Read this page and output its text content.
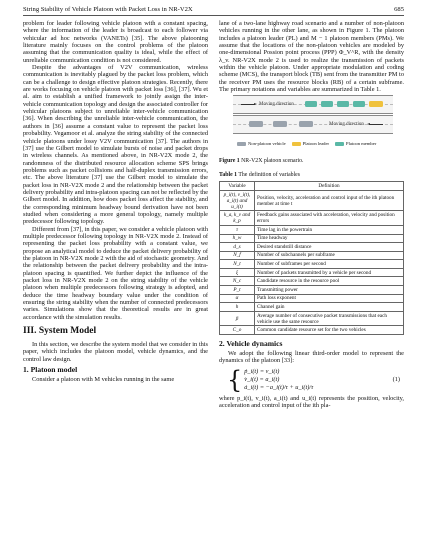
String Stability of Vehicle Platoon with Packet Loss in NR-V2X	685

problem for leader following vehicle platoon with a constant spacing, where the information of the leader is broadcast to each follower via vehicular ad hoc networks (VANETs) [35]. The above platooning literature mainly focuses on the control problems of the platoon assuming that the communication quality is ideal, while the effect of unreliable communication condition is not considered.

Despite the advantages of V2V communication, wireless communication is inevitably plagued by the packet loss problem, which can be a challenge to design effective platoon strategies. Recently, there are works focusing on vehicle platoon with packet loss [36], [37]. Wu et al. aim to establish a unified framework to jointly assign the inter-vehicle communication topology and design the associated controller for vehicular platoons subject to unreliable inter-vehicle communication [36]. When describing the unreliable inter-vehicle communication, the authors in [36] assume a constant value to represent the packet loss probability. Vegamoor et al. analyze the string stability of the connected vehicle platoons under lossy V2V communication [37]. The authors in [37] use the Gilbert model to simulate bursts of noise and packet drops in wireless channels. As mentioned above, in NR-V2X mode 2, the randomness of the distributed resource allocation scheme SPS brings problems such as packet collisions and half-duplex transmission errors, etc. The above literature [37] use the Gilbert model to simulate the packet loss in NR-V2X mode 2 and the relationship between the packet delivery probability and intra-platoon spacing can not be reflected by the Gilbert model. In addition, how does packet loss affect the stability, and the corresponding minimum headway bound derivation have not been studied when considering a more general topology, namely multiple predecessor following topology.

Different from [37], in this paper, we consider a vehicle platoon with multiple predecessor following topology in NR-V2X mode 2. Instead of representing the packet loss probability with a constant value, we propose an analytical model to deduce the packet delivery probability of the platoon in NR-V2X mode 2 with the aid of stochastic geometry. And the relationship between the packet delivery probability and the intra-platoon spacing is quantified. We further depict the influence of the packet loss in NR-V2X mode 2 on the string stability of the vehicle platoon when multiple predecessors following strategy is adopted, and deduce the time headway boundary value under the condition of ensuring the string stability when the number of connected predecessors varies. Simulations show that the theoretical results are in great accordance with the simulation results.

III. System Model

In this section, we describe the system model that we consider in this paper, which includes the platoon model, vehicle dynamics, and the control law design.

1. Platoon model

Consider a platoon with M vehicles running in the same

lane of a two-lane highway road scenario and a number of non-platoon vehicles running in the other lane, as shown in Figure 1. The platoon includes a platoon leader (PL) and M − 1 platoon members (PMs). We assume that the locations of the non-platoon vehicles are modeled by one-dimensional Possion point process (PPP) Φ_V^R, with the density λ_v. NR-V2X mode 2 is used to realize the transmission of packets within the vehicle platoon. Under appropriate modulation and coding scheme (MCS), the transport block (TB) sent from the transmitter PM to the receiver PM uses the resource blocks (RB) of a certain subframe. The primary notations and variables are summarized in Table 1.

Moving direction
Moving direction
Non-platoon vehicle	Platoon leader	Platoon member
Figure 1 NR-V2X platoon scenario.
Table 1 The definition of variables
Variable	Definition
p_i(t), v_i(t), a_i(t) and u_i(t)	Position, velocity, acceleration and control input of the ith platoon member at time t
k_a, k_v and k_p	Feedback gains associated with acceleration, velocity and position errors
τ	Time lag in the powertrain
h_w	Time headway
d_s	Desired standstill distance
N_f	Number of subchannels per subframe
N_t	Number of subframes per second
ξ	Number of packets transmitted by a vehicle per second
N_c	Candidate resource in the resource pool
P_t	Transmitting power
α	Path loss exponent
h	Channel gain
β	Average number of consecutive packet transmissions that each vehicle use the same resource
C_o	Common candidate resource set for the two vehicles
2. Vehicle dynamics

We adopt the following linear third-order model to represent the dynamics of the platoon [33]:

{ ṗ_i(t) = v_i(t)
v̇_i(t) = a_i(t)
ȧ_i(t) = −a_i(t)/τ + u_i(t)/τ
(1)

where p_i(t), v_i(t), a_i(t) and u_i(t) represents the position, velocity, acceleration and control input of the ith pla-
